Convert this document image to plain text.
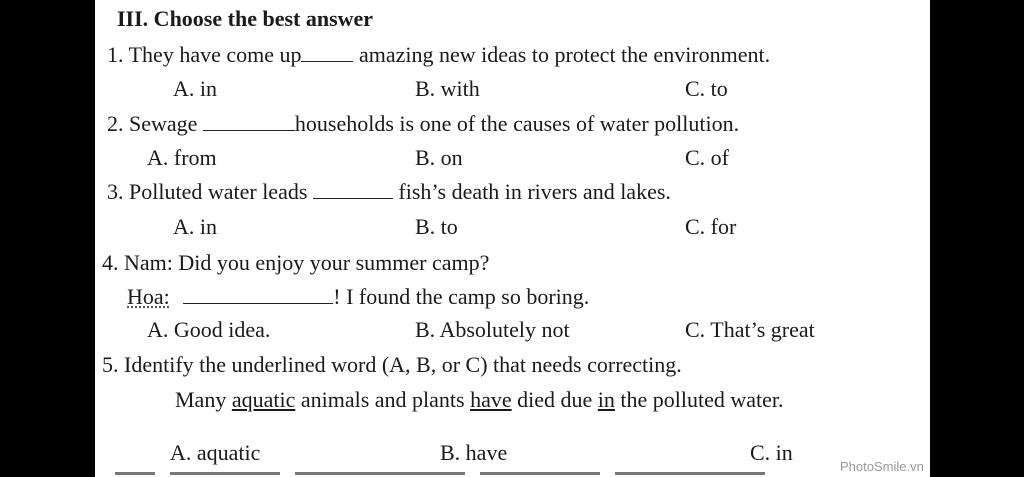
III. Choose the best answer
1. They have come up	amazing new ideas to protect the environment.
A. in	B. with	C. to
2. Sewage	households is one of the causes of water pollution.
A. from	B. on	C. of
3. Polluted water leads	fish’s death in rivers and lakes.
A. in	B. to	C. for
4. Nam: Did you enjoy your summer camp?
Hoa:	! I found the camp so boring.
A. Good idea.	B. Absolutely not	C. That’s great
5. Identify the underlined word (A, B, or C) that needs correcting.
Many aquatic animals and plants have died due in the polluted water.
A. aquatic	B. have	C. in
PhotoSmile.vn
